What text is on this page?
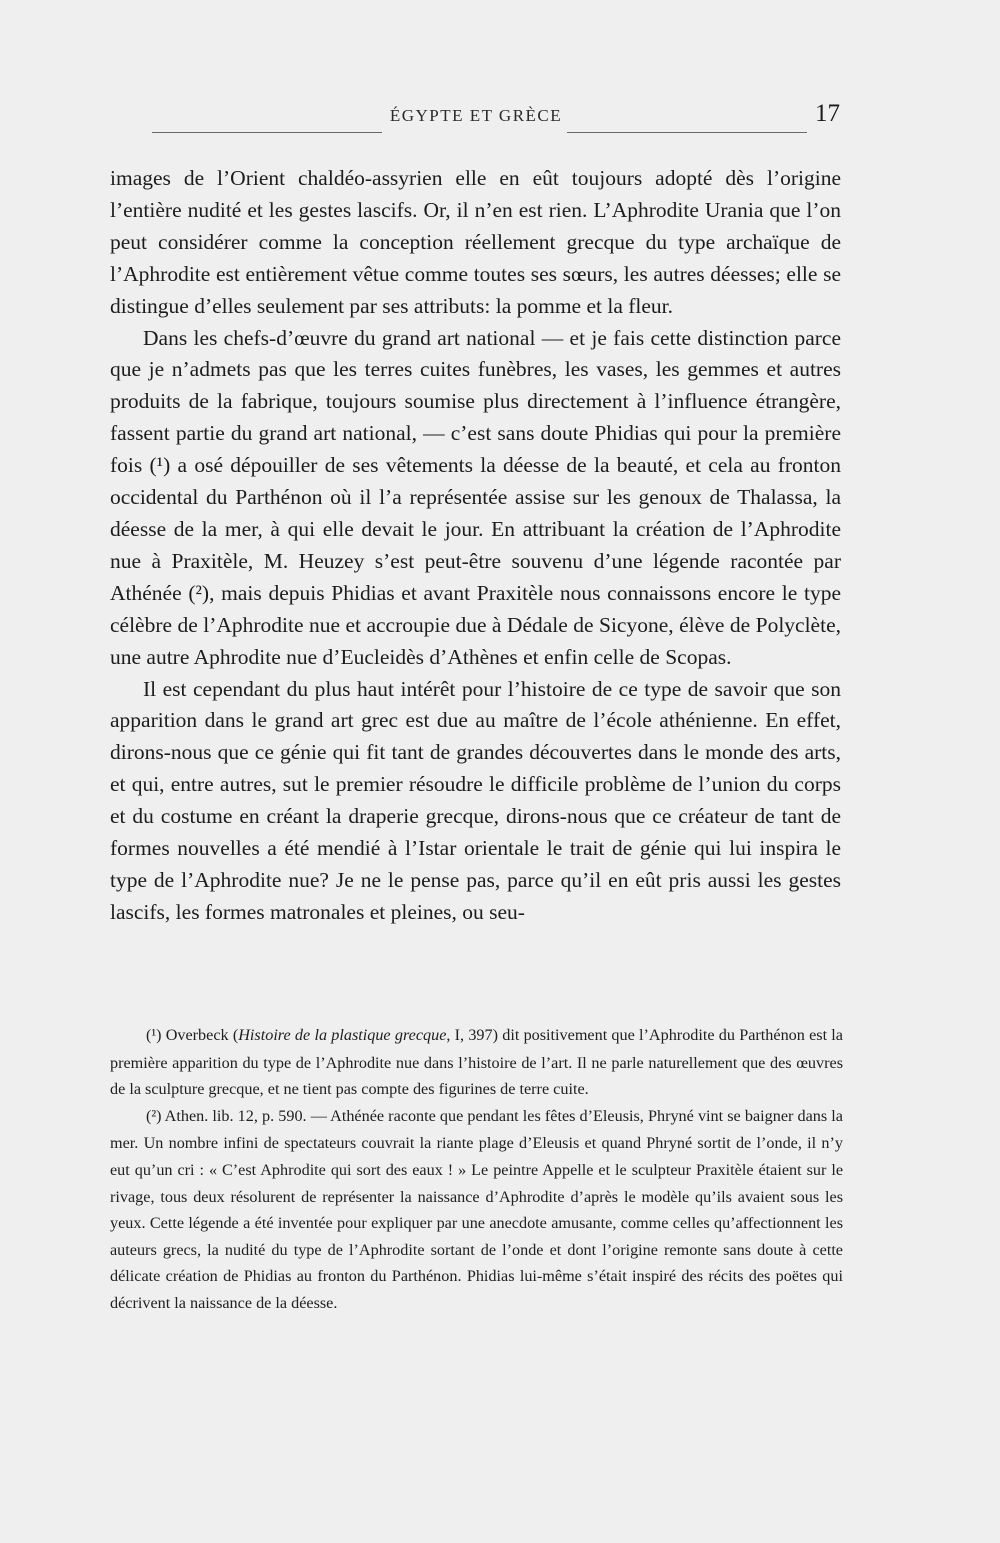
ÉGYPTE ET GRÈCE	17

images de l’Orient chaldéo-assyrien elle en eût toujours adopté dès l’origine l’entière nudité et les gestes lascifs. Or, il n’en est rien. L’Aphrodite Urania que l’on peut considérer comme la conception réellement grecque du type archaïque de l’Aphrodite est entièrement vêtue comme toutes ses sœurs, les autres déesses; elle se distingue d’elles seulement par ses attributs: la pomme et la fleur.

Dans les chefs-d’œuvre du grand art national — et je fais cette distinction parce que je n’admets pas que les terres cuites funèbres, les vases, les gemmes et autres produits de la fabrique, toujours soumise plus directement à l’influence étrangère, fassent partie du grand art national, — c’est sans doute Phidias qui pour la première fois (¹) a osé dépouiller de ses vêtements la déesse de la beauté, et cela au fronton occidental du Parthénon où il l’a représentée assise sur les genoux de Thalassa, la déesse de la mer, à qui elle devait le jour. En attribuant la création de l’Aphrodite nue à Praxitèle, M. Heuzey s’est peut-être souvenu d’une légende racontée par Athénée (²), mais depuis Phidias et avant Praxitèle nous connaissons encore le type célèbre de l’Aphrodite nue et accroupie due à Dédale de Sicyone, élève de Polyclète, une autre Aphrodite nue d’Eucleidès d’Athènes et enfin celle de Scopas.

Il est cependant du plus haut intérêt pour l’histoire de ce type de savoir que son apparition dans le grand art grec est due au maître de l’école athénienne. En effet, dirons-nous que ce génie qui fit tant de grandes découvertes dans le monde des arts, et qui, entre autres, sut le premier résoudre le difficile problème de l’union du corps et du costume en créant la draperie grecque, dirons-nous que ce créateur de tant de formes nouvelles a été mendié à l’Istar orientale le trait de génie qui lui inspira le type de l’Aphrodite nue? Je ne le pense pas, parce qu’il en eût pris aussi les gestes lascifs, les formes matronales et pleines, ou seu-

(¹) Overbeck (Histoire de la plastique grecque, I, 397) dit positivement que l’Aphrodite du Parthénon est la première apparition du type de l’Aphrodite nue dans l’histoire de l’art. Il ne parle naturellement que des œuvres de la sculpture grecque, et ne tient pas compte des figurines de terre cuite.

(²) Athen. lib. 12, p. 590. — Athénée raconte que pendant les fêtes d’Eleusis, Phryné vint se baigner dans la mer. Un nombre infini de spectateurs couvrait la riante plage d’Eleusis et quand Phryné sortit de l’onde, il n’y eut qu’un cri : « C’est Aphrodite qui sort des eaux ! » Le peintre Appelle et le sculpteur Praxitèle étaient sur le rivage, tous deux résolurent de représenter la naissance d’Aphrodite d’après le modèle qu’ils avaient sous les yeux. Cette légende a été inventée pour expliquer par une anecdote amusante, comme celles qu’affectionnent les auteurs grecs, la nudité du type de l’Aphrodite sortant de l’onde et dont l’origine remonte sans doute à cette délicate création de Phidias au fronton du Parthénon. Phidias lui-même s’était inspiré des récits des poëtes qui décrivent la naissance de la déesse.
